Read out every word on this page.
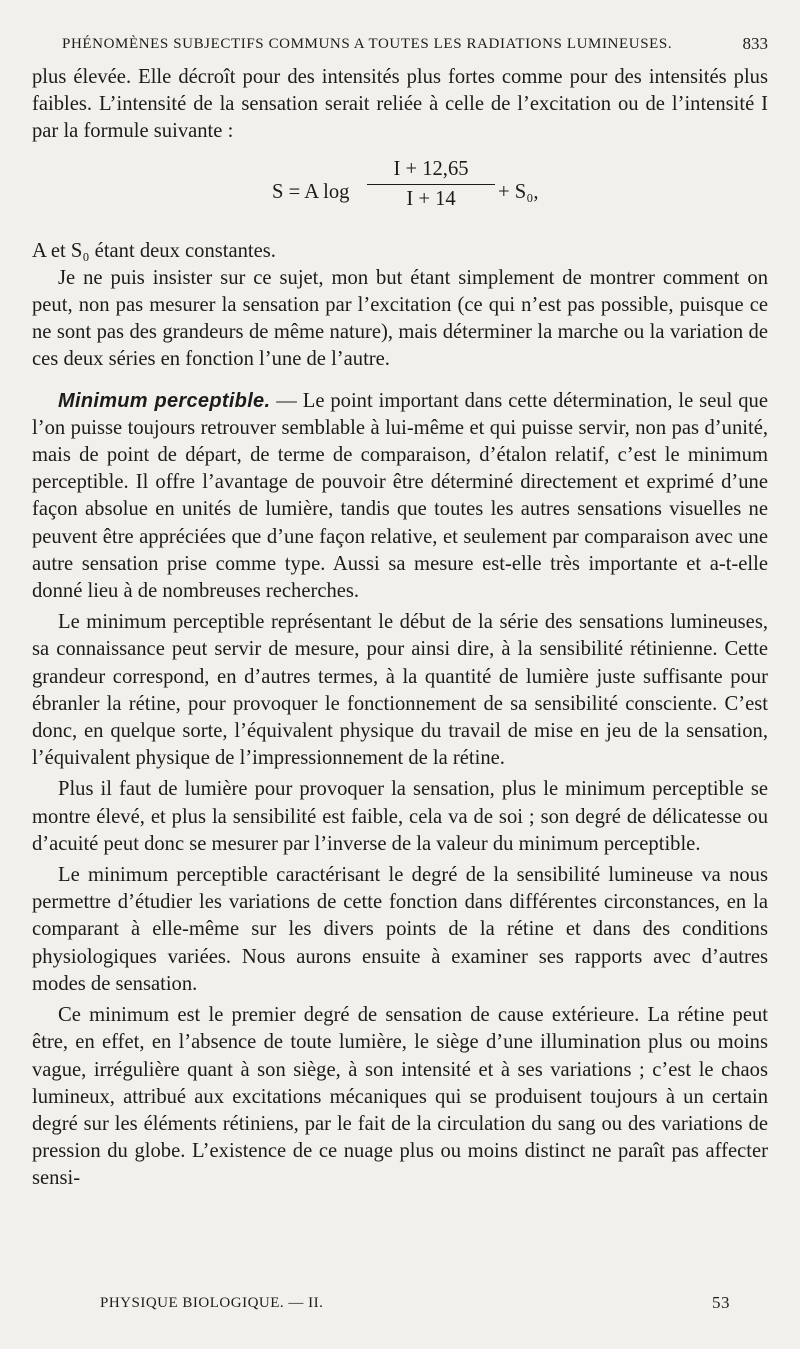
PHÉNOMÈNES SUBJECTIFS COMMUNS A TOUTES LES RADIATIONS LUMINEUSES.	833

plus élevée. Elle décroît pour des intensités plus fortes comme pour des intensités plus faibles. L’intensité de la sensation serait reliée à celle de l’excitation ou de l’intensité I par la formule suivante :

S = A log
I + 12,65
I + 14	+ S₀,

A et S₀ étant deux constantes.

Je ne puis insister sur ce sujet, mon but étant simplement de montrer comment on peut, non pas mesurer la sensation par l’excitation (ce qui n’est pas possible, puisque ce ne sont pas des grandeurs de même nature), mais déterminer la marche ou la variation de ces deux séries en fonction l’une de l’autre.

Minimum perceptible. — Le point important dans cette détermination, le seul que l’on puisse toujours retrouver semblable à lui-même et qui puisse servir, non pas d’unité, mais de point de départ, de terme de comparaison, d’étalon relatif, c’est le minimum perceptible. Il offre l’avantage de pouvoir être déterminé directement et exprimé d’une façon absolue en unités de lumière, tandis que toutes les autres sensations visuelles ne peuvent être appréciées que d’une façon relative, et seulement par comparaison avec une autre sensation prise comme type. Aussi sa mesure est-elle très importante et a-t-elle donné lieu à de nombreuses recherches.

Le minimum perceptible représentant le début de la série des sensations lumineuses, sa connaissance peut servir de mesure, pour ainsi dire, à la sensibilité rétinienne. Cette grandeur correspond, en d’autres termes, à la quantité de lumière juste suffisante pour ébranler la rétine, pour provoquer le fonctionnement de sa sensibilité consciente. C’est donc, en quelque sorte, l’équivalent physique du travail de mise en jeu de la sensation, l’équivalent physique de l’impressionnement de la rétine.

Plus il faut de lumière pour provoquer la sensation, plus le minimum perceptible se montre élevé, et plus la sensibilité est faible, cela va de soi ; son degré de délicatesse ou d’acuité peut donc se mesurer par l’inverse de la valeur du minimum perceptible.

Le minimum perceptible caractérisant le degré de la sensibilité lumineuse va nous permettre d’étudier les variations de cette fonction dans différentes circonstances, en la comparant à elle-même sur les divers points de la rétine et dans des conditions physiologiques variées. Nous aurons ensuite à examiner ses rapports avec d’autres modes de sensation.

Ce minimum est le premier degré de sensation de cause extérieure. La rétine peut être, en effet, en l’absence de toute lumière, le siège d’une illumination plus ou moins vague, irrégulière quant à son siège, à son intensité et à ses variations ; c’est le chaos lumineux, attribué aux excitations mécaniques qui se produisent toujours à un certain degré sur les éléments rétiniens, par le fait de la circulation du sang ou des variations de pression du globe. L’existence de ce nuage plus ou moins distinct ne paraît pas affecter sensi-

PHYSIQUE BIOLOGIQUE. — II.	53
